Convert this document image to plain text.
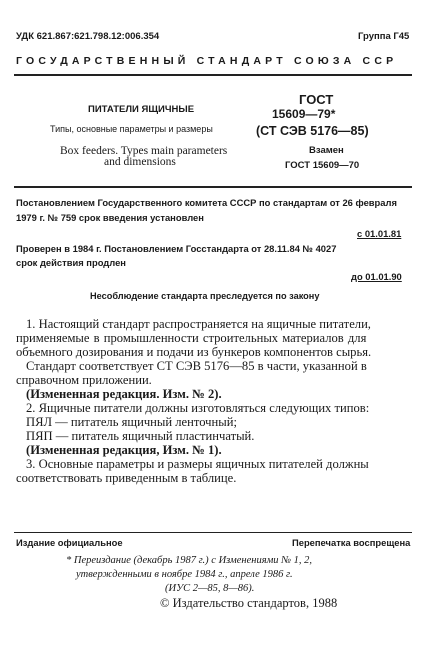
УДК 621.867:621.798.12:006.354	Группа Г45
ГОСУДАРСТВЕННЫЙ СТАНДАРТ СОЮЗА ССР
ПИТАТЕЛИ ЯЩИЧНЫЕ
Типы, основные параметры и размеры
Box feeders. Types main parameters
and dimensions
ГОСТ
15609—79*
(СТ СЭВ 5176—85)
Взамен
ГОСТ 15609—70
Постановлением Государственного комитета СССР по стандартам от 26 февраля
1979 г. № 759 срок введения установлен
с 01.01.81
Проверен в 1984 г. Постановлением Госстандарта от 28.11.84 № 4027
срок действия продлен
до 01.01.90
Несоблюдение стандарта преследуется по закону
1. Настоящий стандарт распространяется на ящичные питатели,
применяемые в промышленности строительных материалов для
объемного дозирования и подачи из бункеров компонентов сырья.
Стандарт соответствует СТ СЭВ 5176—85 в части, указанной в
справочном приложении.
(Измененная редакция. Изм. № 2).
2. Ящичные питатели должны изготовляться следующих типов:
ПЯЛ — питатель ящичный ленточный;
ПЯП — питатель ящичный пластинчатый.
(Измененная редакция, Изм. № 1).
3. Основные параметры и размеры ящичных питателей должны
соответствовать приведенным в таблице.
Издание официальное	Перепечатка воспрещена
* Переиздание (декабрь 1987 г.) с Изменениями № 1, 2,
утвержденными в ноябре 1984 г., апреле 1986 г.
(ИУС 2—85, 8—86).
© Издательство стандартов, 1988
